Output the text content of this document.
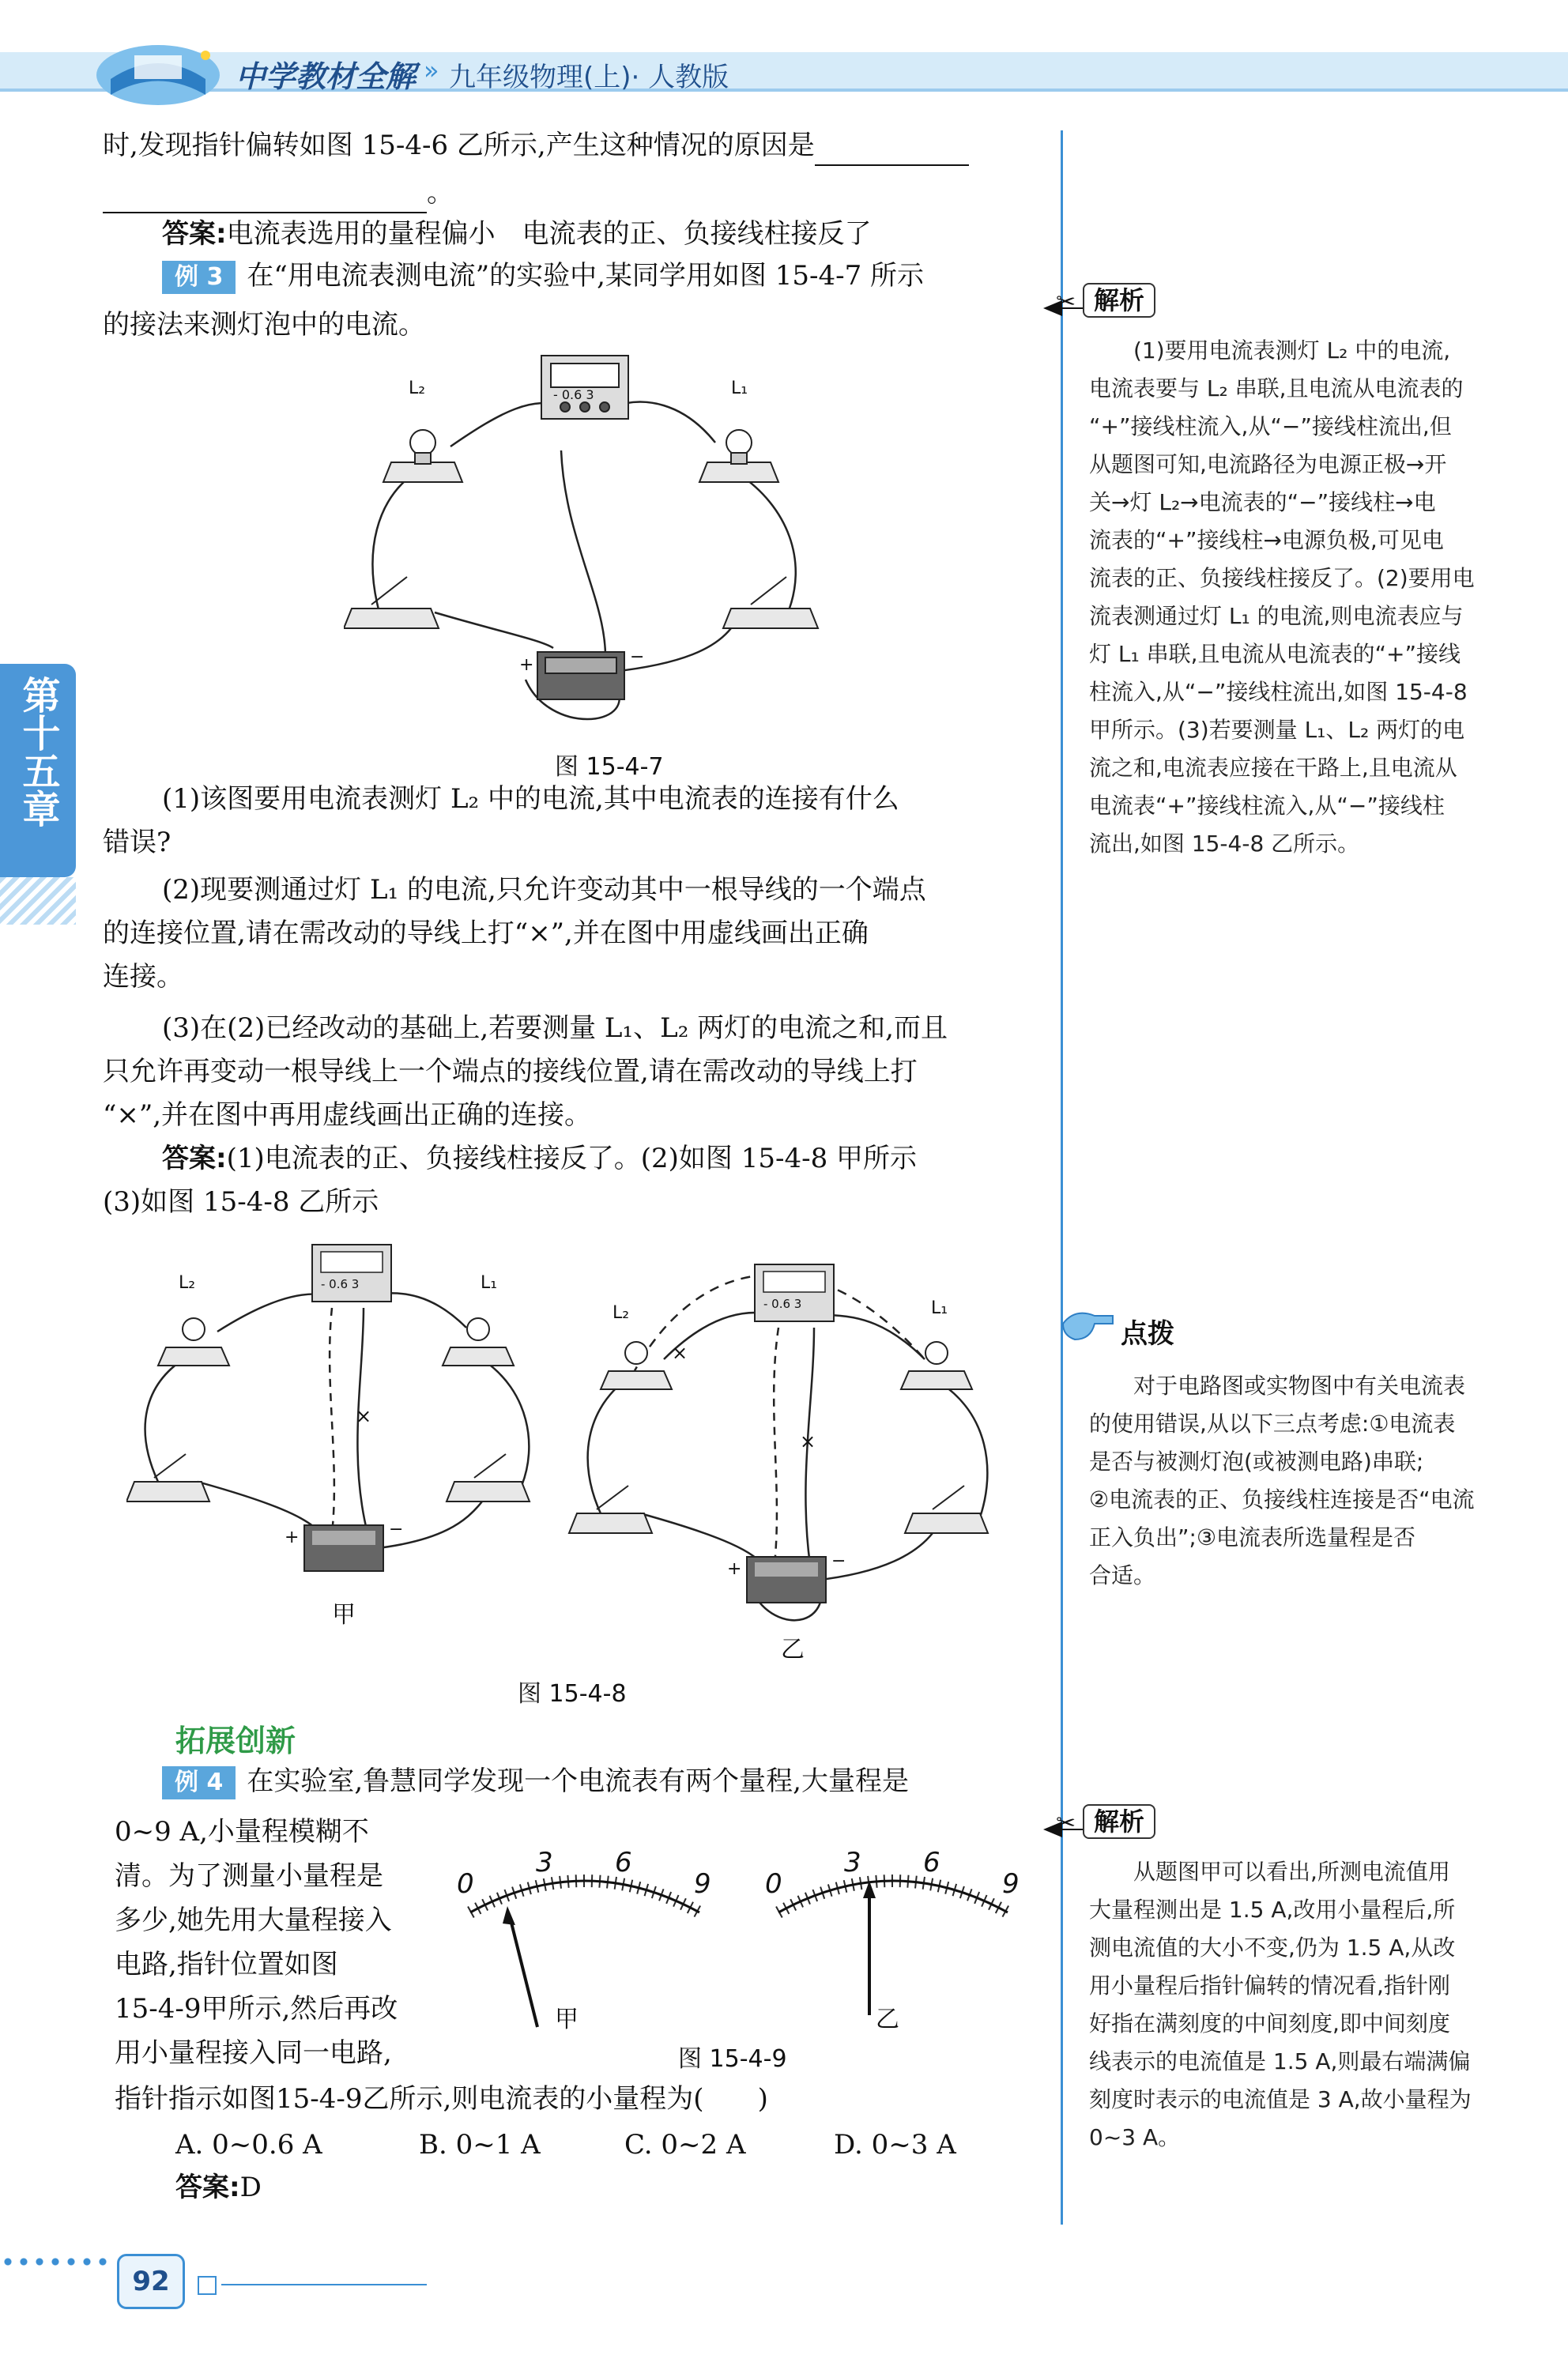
中学教材全解 » 九年级物理(上)· 人教版
第十五章
时,发现指针偏转如图 15-4-6 乙所示,产生这种情况的原因是
。
答案:电流表选用的量程偏小　电流表的正、负接线柱接反了
例 3 在“用电流表测电流”的实验中,某同学用如图 15-4-7 所示
的接法来测灯泡中的电流。
L₂	L₁
- 0.6 3
+	−
图 15-4-7
(1)该图要用电流表测灯 L₂ 中的电流,其中电流表的连接有什么
错误?
(2)现要测通过灯 L₁ 的电流,只允许变动其中一根导线的一个端点
的连接位置,请在需改动的导线上打“×”,并在图中用虚线画出正确
连接。
(3)在(2)已经改动的基础上,若要测量 L₁、L₂ 两灯的电流之和,而且
只允许再变动一根导线上一个端点的接线位置,请在需改动的导线上打
“×”,并在图中再用虚线画出正确的连接。
答案:(1)电流表的正、负接线柱接反了。(2)如图 15-4-8 甲所示
(3)如图 15-4-8 乙所示
×
L₂	L₁
- 0.6 3
+	−
×
×
L₂	L₁
- 0.6 3
+	−
甲
乙
图 15-4-8
拓展创新
例 4 在实验室,鲁慧同学发现一个电流表有两个量程,大量程是
0~9 A,小量程模糊不
清。为了测量小量程是
多少,她先用大量程接入
电路,指针位置如图
15-4-9甲所示,然后再改
用小量程接入同一电路,
0
3 6
9 0
3 6
9
甲	乙
图 15-4-9
指针指示如图15-4-9乙所示,则电流表的小量程为(　　)
A. 0~0.6 A	B. 0~1 A	C. 0~2 A	D. 0~3 A
答案:D
✂ 解析

　　(1)要用电流表测灯 L₂ 中的电流,

电流表要与 L₂ 串联,且电流从电流表的

“+”接线柱流入,从“−”接线柱流出,但

从题图可知,电流路径为电源正极→开

关→灯 L₂→电流表的“−”接线柱→电

流表的“+”接线柱→电源负极,可见电

流表的正、负接线柱接反了。(2)要用电

流表测通过灯 L₁ 的电流,则电流表应与

灯 L₁ 串联,且电流从电流表的“+”接线

柱流入,从“−”接线柱流出,如图 15-4-8

甲所示。(3)若要测量 L₁、L₂ 两灯的电

流之和,电流表应接在干路上,且电流从

电流表“+”接线柱流入,从“−”接线柱

流出,如图 15-4-8 乙所示。

点拨

　　对于电路图或实物图中有关电流表

的使用错误,从以下三点考虑:①电流表

是否与被测灯泡(或被测电路)串联;

②电流表的正、负接线柱连接是否“电流

正入负出”;③电流表所选量程是否

合适。

✂ 解析

　　从题图甲可以看出,所测电流值用

大量程测出是 1.5 A,改用小量程后,所

测电流值的大小不变,仍为 1.5 A,从改

用小量程后指针偏转的情况看,指针刚

好指在满刻度的中间刻度,即中间刻度

线表示的电流值是 1.5 A,则最右端满偏

刻度时表示的电流值是 3 A,故小量程为

0~3 A。

92
